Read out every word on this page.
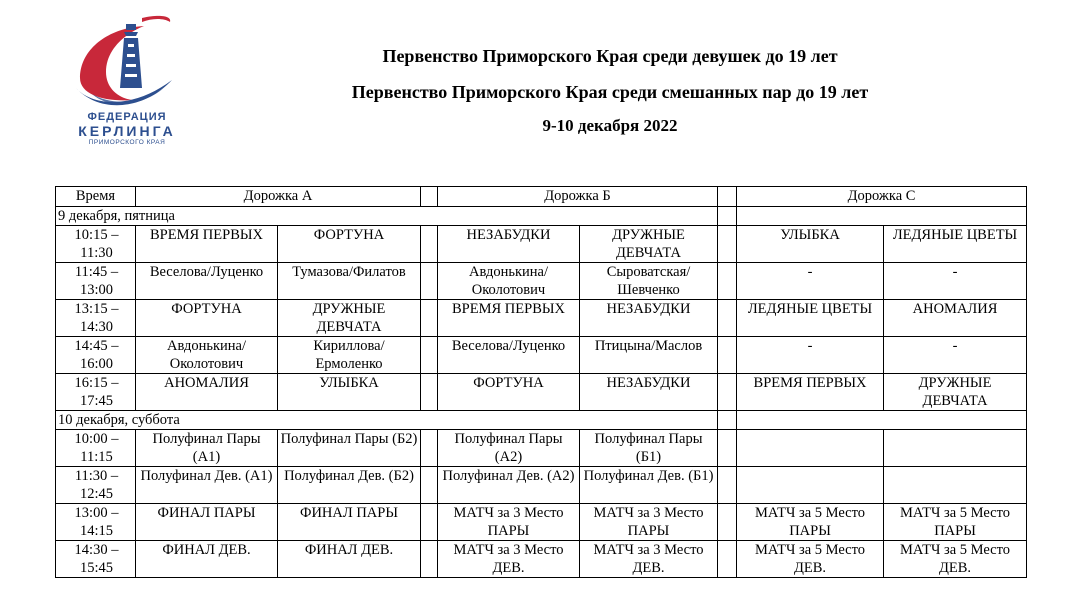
ФЕДЕРАЦИЯ
КЕРЛИНГА
ПРИМОРСКОГО КРАЯ
Первенство Приморского Края среди девушек до 19 лет
Первенство Приморского Края среди смешанных пар до 19 лет
9-10 декабря 2022
Время	Дорожка А			Дорожка Б			Дорожка С	
9 декабря, пятница								
10:15 – 11:30	ВРЕМЯ ПЕРВЫХ	ФОРТУНА		НЕЗАБУДКИ	ДРУЖНЫЕ ДЕВЧАТА		УЛЫБКА	ЛЕДЯНЫЕ ЦВЕТЫ
11:45 – 13:00	Веселова/Луценко	Тумазова/Филатов		Авдонькина/ Околотович	Сыроватская/ Шевченко		-	-
13:15 – 14:30	ФОРТУНА	ДРУЖНЫЕ ДЕВЧАТА		ВРЕМЯ ПЕРВЫХ	НЕЗАБУДКИ		ЛЕДЯНЫЕ ЦВЕТЫ	АНОМАЛИЯ
14:45 – 16:00	Авдонькина/ Околотович	Кириллова/ Ермоленко		Веселова/Луценко	Птицына/Маслов		-	-
16:15 – 17:45	АНОМАЛИЯ	УЛЫБКА		ФОРТУНА	НЕЗАБУДКИ		ВРЕМЯ ПЕРВЫХ	ДРУЖНЫЕ ДЕВЧАТА
10 декабря, суббота								
10:00 – 11:15	Полуфинал Пары (А1)	Полуфинал Пары (Б2)		Полуфинал Пары (А2)	Полуфинал Пары (Б1)			
11:30 – 12:45	Полуфинал Дев. (А1)	Полуфинал Дев. (Б2)		Полуфинал Дев. (А2)	Полуфинал Дев. (Б1)			
13:00 – 14:15	ФИНАЛ ПАРЫ	ФИНАЛ ПАРЫ		МАТЧ за 3 Место ПАРЫ	МАТЧ за 3 Место ПАРЫ		МАТЧ за 5 Место ПАРЫ	МАТЧ за 5 Место ПАРЫ
14:30 – 15:45	ФИНАЛ ДЕВ.	ФИНАЛ ДЕВ.		МАТЧ за 3 Место ДЕВ.	МАТЧ за 3 Место ДЕВ.		МАТЧ за 5 Место ДЕВ.	МАТЧ за 5 Место ДЕВ.
